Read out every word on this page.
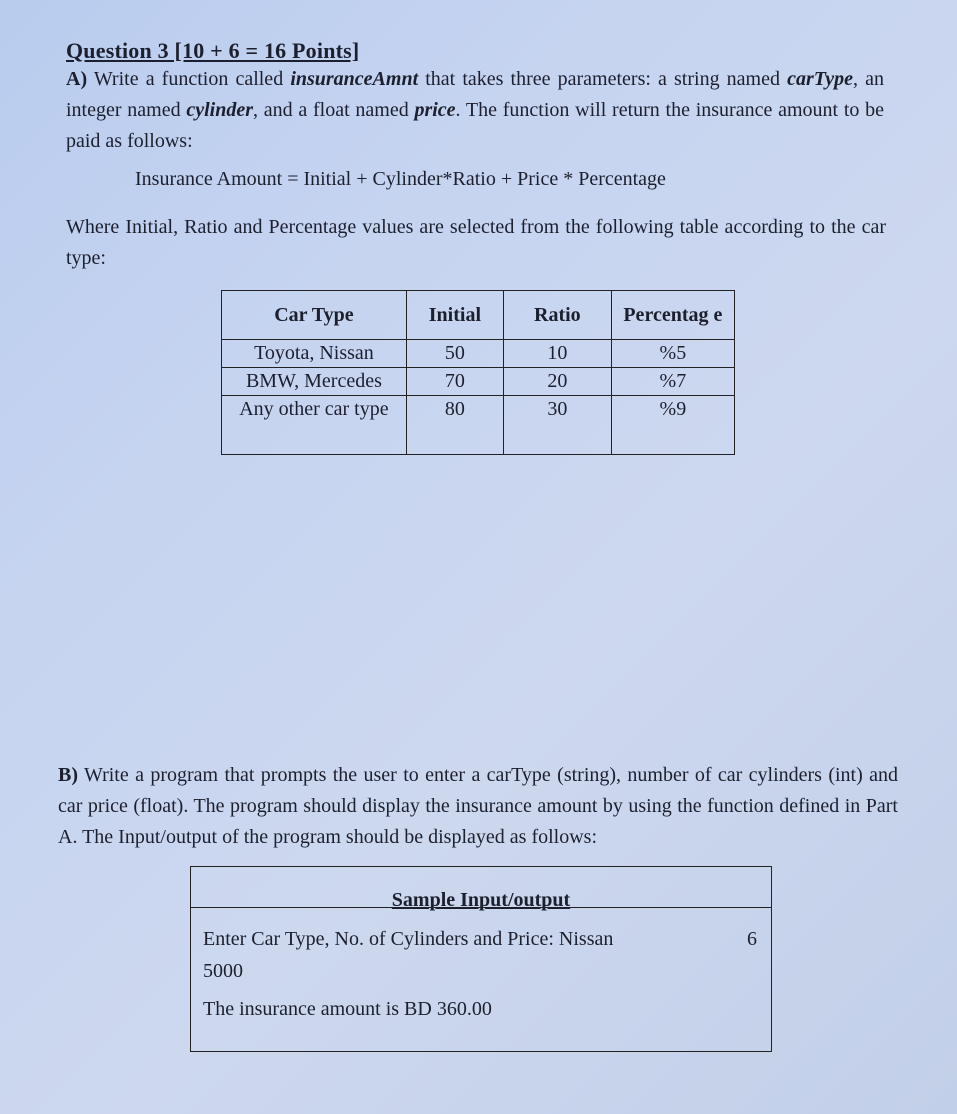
Question 3 [10 + 6 = 16 Points]
A) Write a function called insuranceAmnt that takes three parameters: a string named carType, an integer named cylinder, and a float named price. The function will return the insurance amount to be paid as follows:
Insurance Amount = Initial + Cylinder*Ratio + Price * Percentage
Where Initial, Ratio and Percentage values are selected from the following table according to the car type:
Car Type	Initial	Ratio	Percentag e
Toyota, Nissan	50	10	%5
BMW, Mercedes	70	20	%7
Any other car type	80	30	%9
B) Write a program that prompts the user to enter a carType (string), number of car cylinders (int) and car price (float). The program should display the insurance amount by using the function defined in Part A. The Input/output of the program should be displayed as follows:
Sample Input/output
Enter Car Type, No. of Cylinders and Price: Nissan	6

5000
The insurance amount is BD 360.00
